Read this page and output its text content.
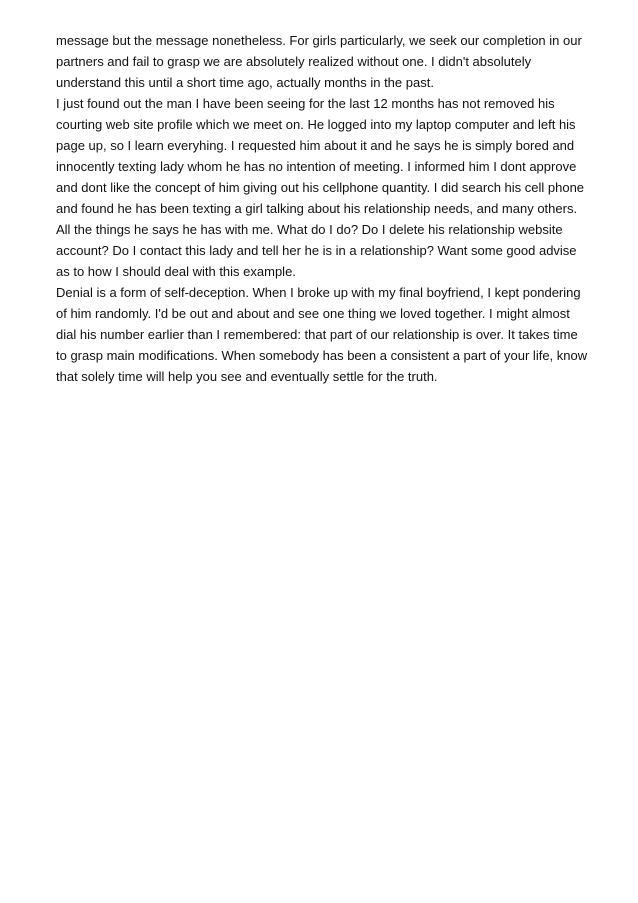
message but the message nonetheless. For girls particularly, we seek our completion in our
partners and fail to grasp we are absolutely realized without one. I didn't absolutely
understand this until a short time ago, actually months in the past.
I just found out the man I have been seeing for the last 12 months has not removed his
courting web site profile which we meet on. He logged into my laptop computer and left his
page up, so I learn everyhing. I requested him about it and he says he is simply bored and
innocently texting lady whom he has no intention of meeting. I informed him I dont approve
and dont like the concept of him giving out his cellphone quantity. I did search his cell phone
and found he has been texting a girl talking about his relationship needs, and many others.
All the things he says he has with me. What do I do? Do I delete his relationship website
account? Do I contact this lady and tell her he is in a relationship? Want some good advise
as to how I should deal with this example.
Denial is a form of self-deception. When I broke up with my final boyfriend, I kept pondering
of him randomly. I'd be out and about and see one thing we loved together. I might almost
dial his number earlier than I remembered: that part of our relationship is over. It takes time
to grasp main modifications. When somebody has been a consistent a part of your life, know
that solely time will help you see and eventually settle for the truth.
